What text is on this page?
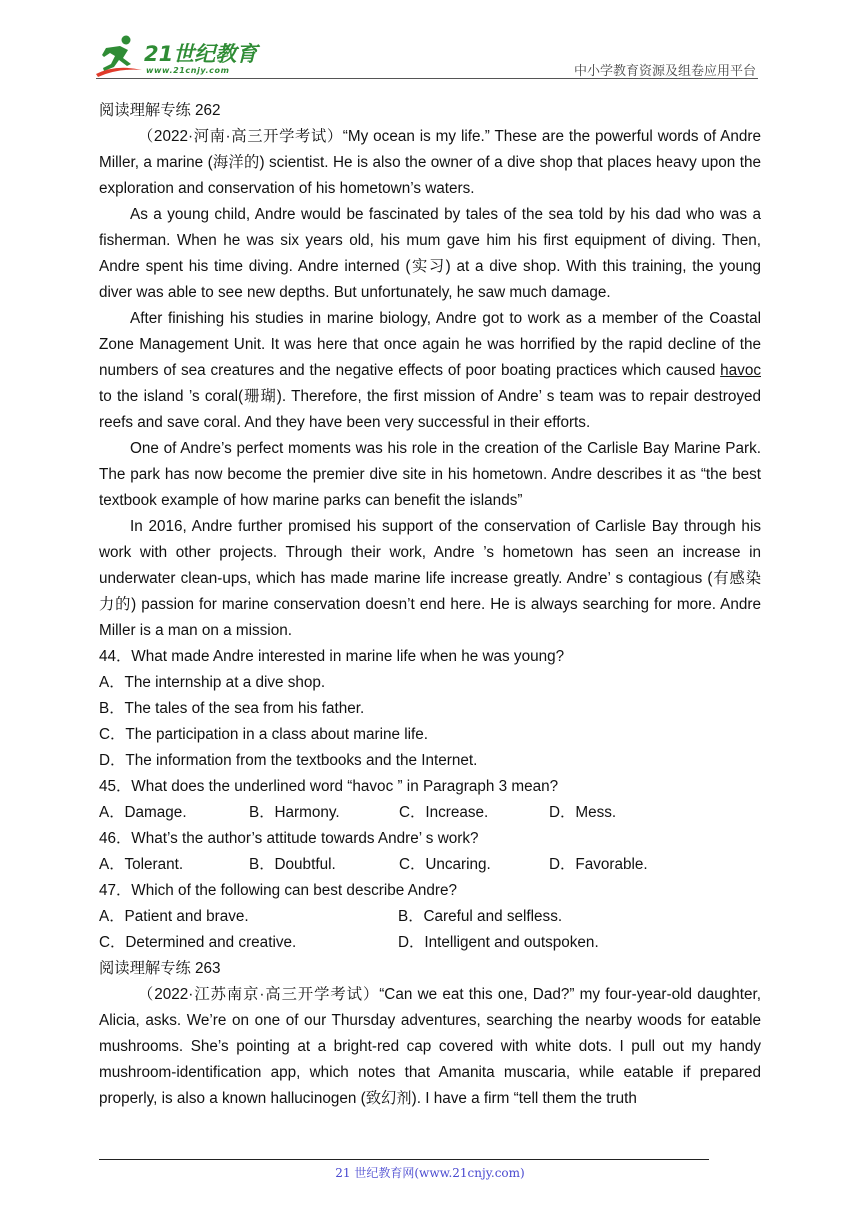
21世纪教育
www.21cnjy.com	中小学教育资源及组卷应用平台

阅读理解专练 262

（2022·河南·高三开学考试）“My ocean is my life.” These are the powerful words of Andre Miller, a marine (海洋的) scientist. He is also the owner of a dive shop that places heavy upon the exploration and conservation of his hometown’s waters.

As a young child, Andre would be fascinated by tales of the sea told by his dad who was a fisherman. When he was six years old, his mum gave him his first equipment of diving. Then, Andre spent his time diving. Andre interned (实习) at a dive shop. With this training, the young diver was able to see new depths. But unfortunately, he saw much damage.

After finishing his studies in marine biology, Andre got to work as a member of the Coastal Zone Management Unit. It was here that once again he was horrified by the rapid decline of the numbers of sea creatures and the negative effects of poor boating practices which caused havoc to the island ’s coral(珊瑚). Therefore, the first mission of Andre’ s team was to repair destroyed reefs and save coral. And they have been very successful in their efforts.

One of Andre’s perfect moments was his role in the creation of the Carlisle Bay Marine Park. The park has now become the premier dive site in his hometown. Andre describes it as “the best textbook example of how marine parks can benefit the islands”

In 2016, Andre further promised his support of the conservation of Carlisle Bay through his work with other projects. Through their work, Andre ’s hometown has seen an increase in underwater clean-ups, which has made marine life increase greatly. Andre’ s contagious (有感染力的) passion for marine conservation doesn’t end here. He is always searching for more. Andre Miller is a man on a mission.

44．What made Andre interested in marine life when he was young?

A．The internship at a dive shop.

B．The tales of the sea from his father.

C．The participation in a class about marine life.

D．The information from the textbooks and the Internet.

45．What does the underlined word “havoc ” in Paragraph 3 mean?

A．Damage.	B．Harmony.	C．Increase.	D．Mess.

46．What’s the author’s attitude towards Andre’ s work?

A．Tolerant.	B．Doubtful.	C．Uncaring.	D．Favorable.

47．Which of the following can best describe Andre?

A．Patient and brave.	B．Careful and selfless.
C．Determined and creative.	D．Intelligent and outspoken.

阅读理解专练 263

（2022·江苏南京·高三开学考试）“Can we eat this one, Dad?” my four-year-old daughter, Alicia, asks. We’re on one of our Thursday adventures, searching the nearby woods for eatable mushrooms. She’s pointing at a bright-red cap covered with white dots. I pull out my handy mushroom-identification app, which notes that Amanita muscaria, while eatable if prepared properly, is also a known hallucinogen (致幻剂). I have a firm “tell them the truth

21 世纪教育网(www.21cnjy.com)
